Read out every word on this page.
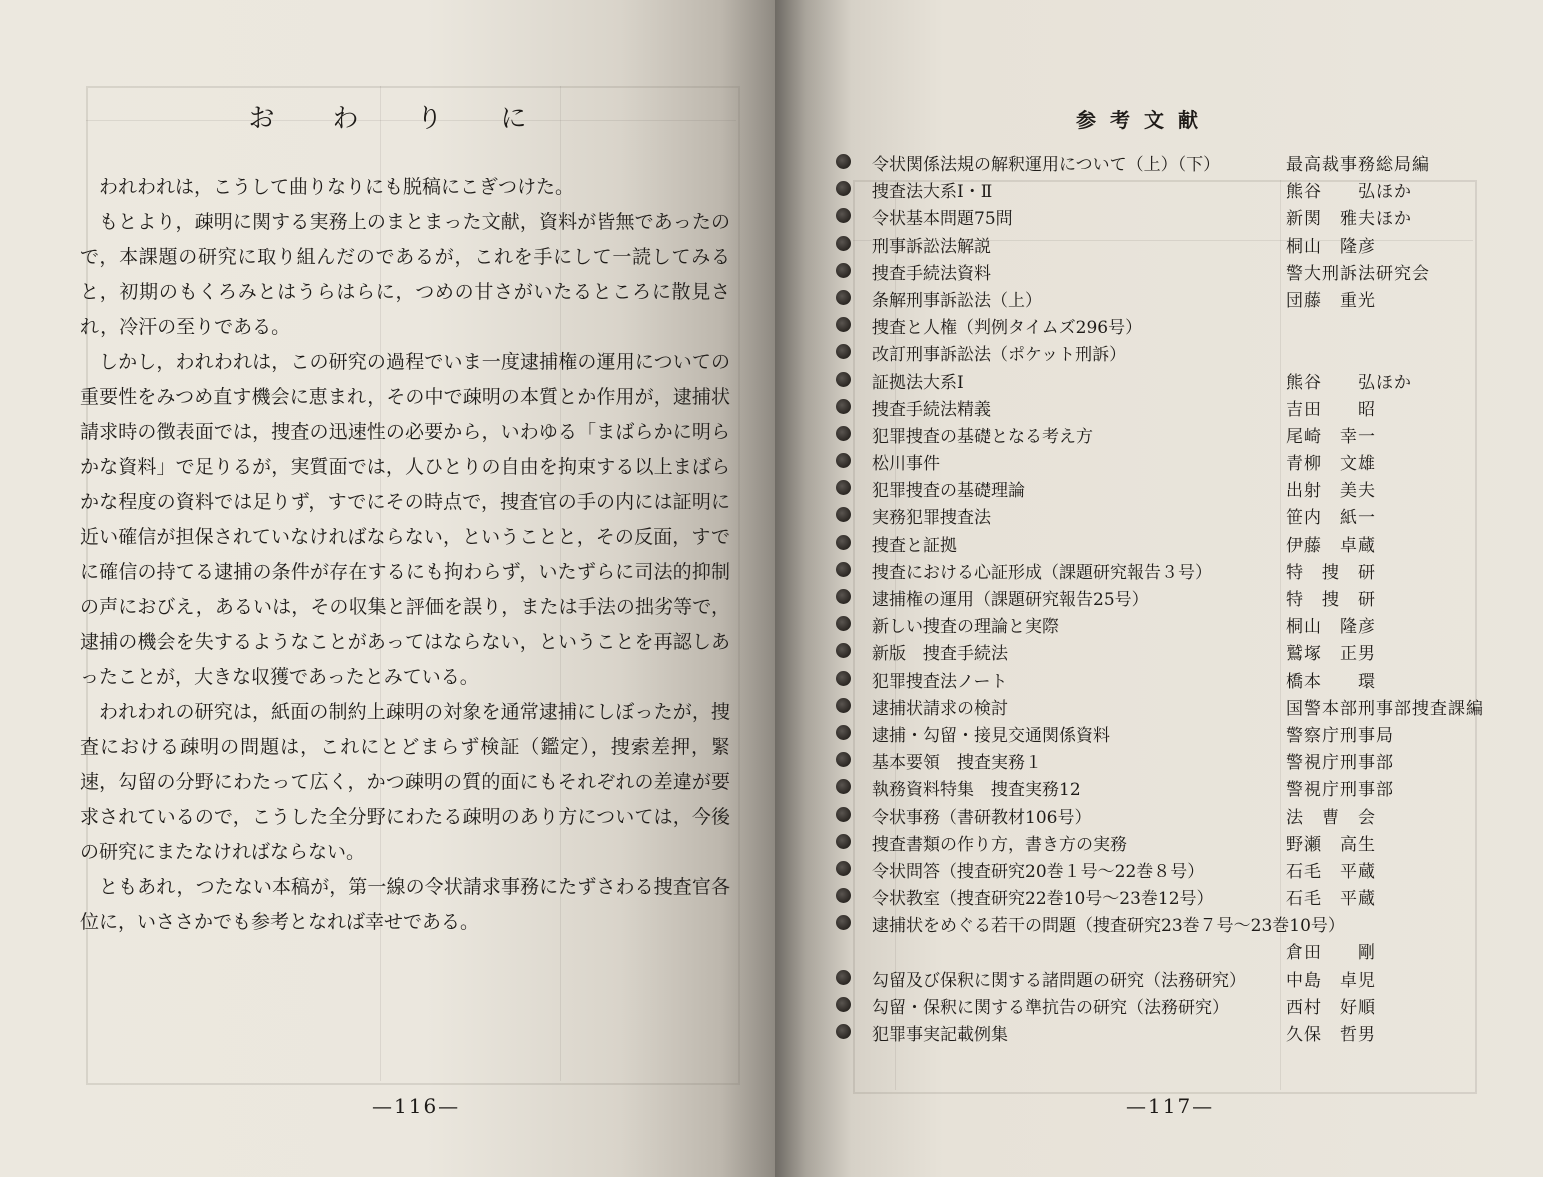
おわりに

われわれは，こうして曲りなりにも脱稿にこぎつけた。

もとより，疎明に関する実務上のまとまった文献，資料が皆無であったので，本課題の研究に取り組んだのであるが，これを手にして一読してみると，初期のもくろみとはうらはらに，つめの甘さがいたるところに散見され，冷汗の至りである。

しかし，われわれは，この研究の過程でいま一度逮捕権の運用についての重要性をみつめ直す機会に恵まれ，その中で疎明の本質とか作用が，逮捕状請求時の徴表面では，捜査の迅速性の必要から，いわゆる「まばらかに明らかな資料」で足りるが，実質面では，人ひとりの自由を拘束する以上まばらかな程度の資料では足りず，すでにその時点で，捜査官の手の内には証明に近い確信が担保されていなければならない，ということと，その反面，すでに確信の持てる逮捕の条件が存在するにも拘わらず，いたずらに司法的抑制の声におびえ，あるいは，その収集と評価を誤り，または手法の拙劣等で，逮捕の機会を失するようなことがあってはならない，ということを再認しあったことが，大きな収獲であったとみている。

われわれの研究は，紙面の制約上疎明の対象を通常逮捕にしぼったが，捜査における疎明の問題は，これにとどまらず検証（鑑定），捜索差押，緊速，勾留の分野にわたって広く，かつ疎明の質的面にもそれぞれの差違が要求されているので，こうした全分野にわたる疎明のあり方については，今後の研究にまたなければならない。

ともあれ，つたない本稿が，第一線の令状請求事務にたずさわる捜査官各位に，いささかでも参考となれば幸せである。

—116—
参考文献
令状関係法規の解釈運用について（上）（下）	最高裁事務総局編
捜査法大系Ⅰ・Ⅱ	熊谷　　弘ほか
令状基本問題75問	新関　雅夫ほか
刑事訴訟法解説	桐山　隆彦
捜査手続法資料	警大刑訴法研究会
条解刑事訴訟法（上）	団藤　重光
捜査と人権（判例タイムズ296号）
改訂刑事訴訟法（ポケット刑訴）
証拠法大系Ⅰ	熊谷　　弘ほか
捜査手続法精義	吉田　　昭
犯罪捜査の基礎となる考え方	尾崎　幸一
松川事件	青柳　文雄
犯罪捜査の基礎理論	出射　美夫
実務犯罪捜査法	笹内　紙一
捜査と証拠	伊藤　卓蔵
捜査における心証形成（課題研究報告３号）	特　捜　研
逮捕権の運用（課題研究報告25号）	特　捜　研
新しい捜査の理論と実際	桐山　隆彦
新版　捜査手続法	鷲塚　正男
犯罪捜査法ノート	橋本　　環
逮捕状請求の検討	国警本部刑事部捜査課編
逮捕・勾留・接見交通関係資料	警察庁刑事局
基本要領　捜査実務１	警視庁刑事部
執務資料特集　捜査実務12	警視庁刑事部
令状事務（書研教材106号）	法　曹　会
捜査書類の作り方，書き方の実務	野瀬　高生
令状問答（捜査研究20巻１号〜22巻８号）	石毛　平蔵
令状教室（捜査研究22巻10号〜23巻12号）	石毛　平蔵
逮捕状をめぐる若干の問題（捜査研究23巻７号〜23巻10号）
倉田　　剛
勾留及び保釈に関する諸問題の研究（法務研究） 中島　卓児
勾留・保釈に関する準抗告の研究（法務研究）	西村　好順
犯罪事実記載例集	久保　哲男
—117—
